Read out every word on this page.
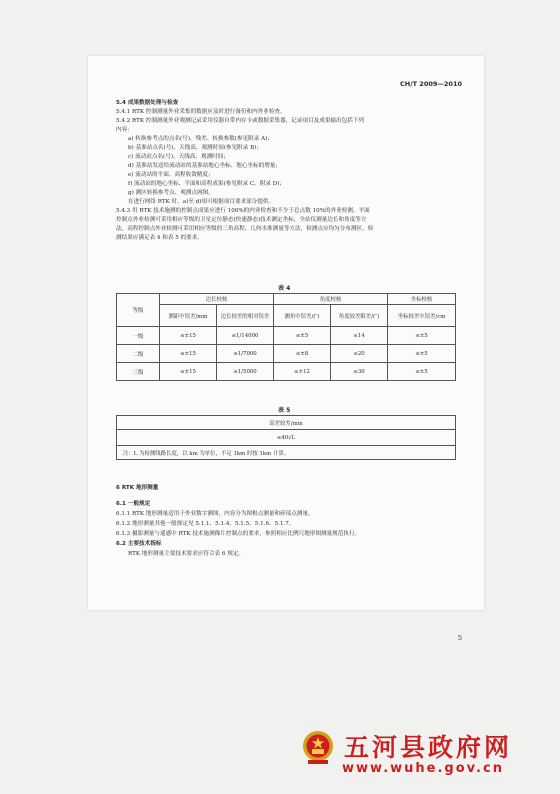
CH/T 2009—2010
5.4 成果数据处理与检查
5.4.1 RTK 控制测量外业采集的数据应及时进行备份和内外业检查。
5.4.2 RTK 控制测量外业观测记录采用仪器自带内存卡或数据采集器，记录项目及成果输出包括下列
内容：
a) 转换参考点的点名(号)、残差、转换参数(参见附录 A)；
b) 基准站点名(号)、天线高、观测时间(参见附录 B)；
c) 流动站点名(号)、天线高、观测时间；
d) 基准站发送给流动站的基准站地心坐标、地心坐标的增量；
e) 流动站的平面、高程收敛精度；
f) 流动站的地心坐标、平面和高程成果(参见附录 C、附录 D)；
g) 测区转换参考点、观测点网图。
在进行网络 RTK 时，a)至 d)项可根据项目要求部分提供。
5.4.3 用 RTK 技术施测的控制点成果应进行 100%的内业检查和不少于总点数 10%的外业检测，平面
控制点外业检测可采用相应等级的卫星定位静态(快速静态)技术测定坐标，全站仪测量边长和角度等方
法，高程控制点外业检测可采用相应等级的三角高程、几何水准测量等方法，检测点应均匀分布测区。检
测结果应满足表 4 和表 5 的要求。
表 4
等级	边长校核		角度校核		坐标校核
	测距中误差/mm	边长较差的相对误差	测角中误差/(″)	角度较差限差/(″)	坐标较差中误差/cm
一级	≤±15	≤1/14000	≤±5	≤14	≤±5
二级	≤±15	≤1/7000	≤±8	≤20	≤±5
三级	≤±15	≤1/5000	≤±12	≤30	≤±5
表 5
高差较差/mm
≤40√L
注：L 为检测线路长度，以 km 为单位，不足 1km 时按 1km 计算。
6 RTK 地形测量
6.1 一般规定
6.1.1 RTK 地形测量适用于外业数字测图，内容分为图根点测量和碎部点测量。
6.1.2 地形测量其他一般规定见 5.1.1、5.1.4、5.1.5、5.1.6、5.1.7。
6.1.3 摄影测量与遥感中 RTK 技术施测像片控制点的要求，参照相应比例尺地形图测量规范执行。
6.2 主要技术指标
RTK 地形测量主要技术要求应符合表 6 规定。
5
五河县政府网
www.wuhe.gov.cn
